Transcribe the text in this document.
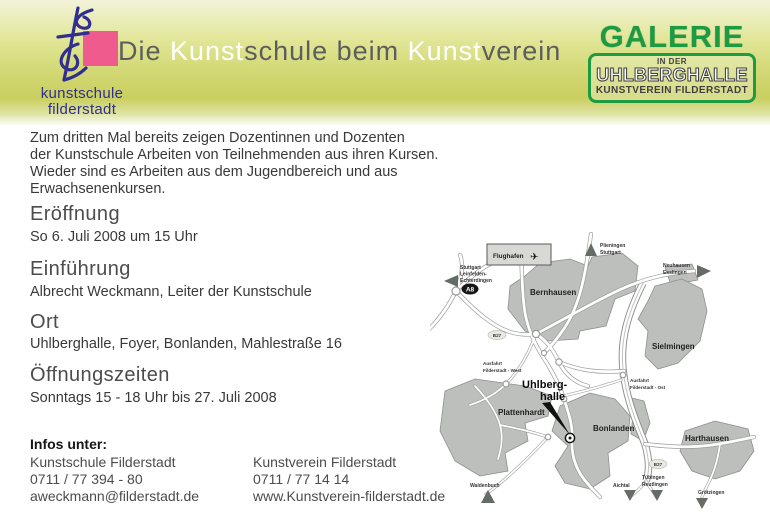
kunstschule
filderstadt
Die Kunstschule beim Kunstverein	GALERIE
IN DER
UHLBERGHALLE
KUNSTVEREIN FILDERSTADT
Zum dritten Mal bereits zeigen Dozentinnen und Dozenten
der Kunstschule Arbeiten von Teilnehmenden aus ihren Kursen.
Wieder sind es Arbeiten aus dem Jugendbereich und aus
Erwachsenenkursen.
Eröffnung
So 6. Juli 2008 um 15 Uhr
Einführung
Albrecht Weckmann, Leiter der Kunstschule
Ort
Uhlberghalle, Foyer, Bonlanden, Mahlestraße 16
Öffnungszeiten
Sonntags 15 - 18 Uhr bis 27. Juli 2008
Infos unter:
Kunstschule Filderstadt
0711 / 77 394 - 80
aweckmann@filderstadt.de
Kunstverein Filderstadt
0711 / 77 14 14
www.Kunstverein-filderstadt.de
Flughafen ✈
Stuttgart
Leinfelden-
Echterdingen
A8
Plieningen
Stuttgart
Neuhausen
Esslingen
B27
B27
Ausfahrt
Filderstadt - West
Ausfahrt
Filderstadt - Ost
Bernhausen
Sielmingen
Plattenhardt
Bonlanden
Harthausen
Uhlberg-
halle
Waldenbuch	Aichtal
Tübingen
Reutlingen
Grötzingen
